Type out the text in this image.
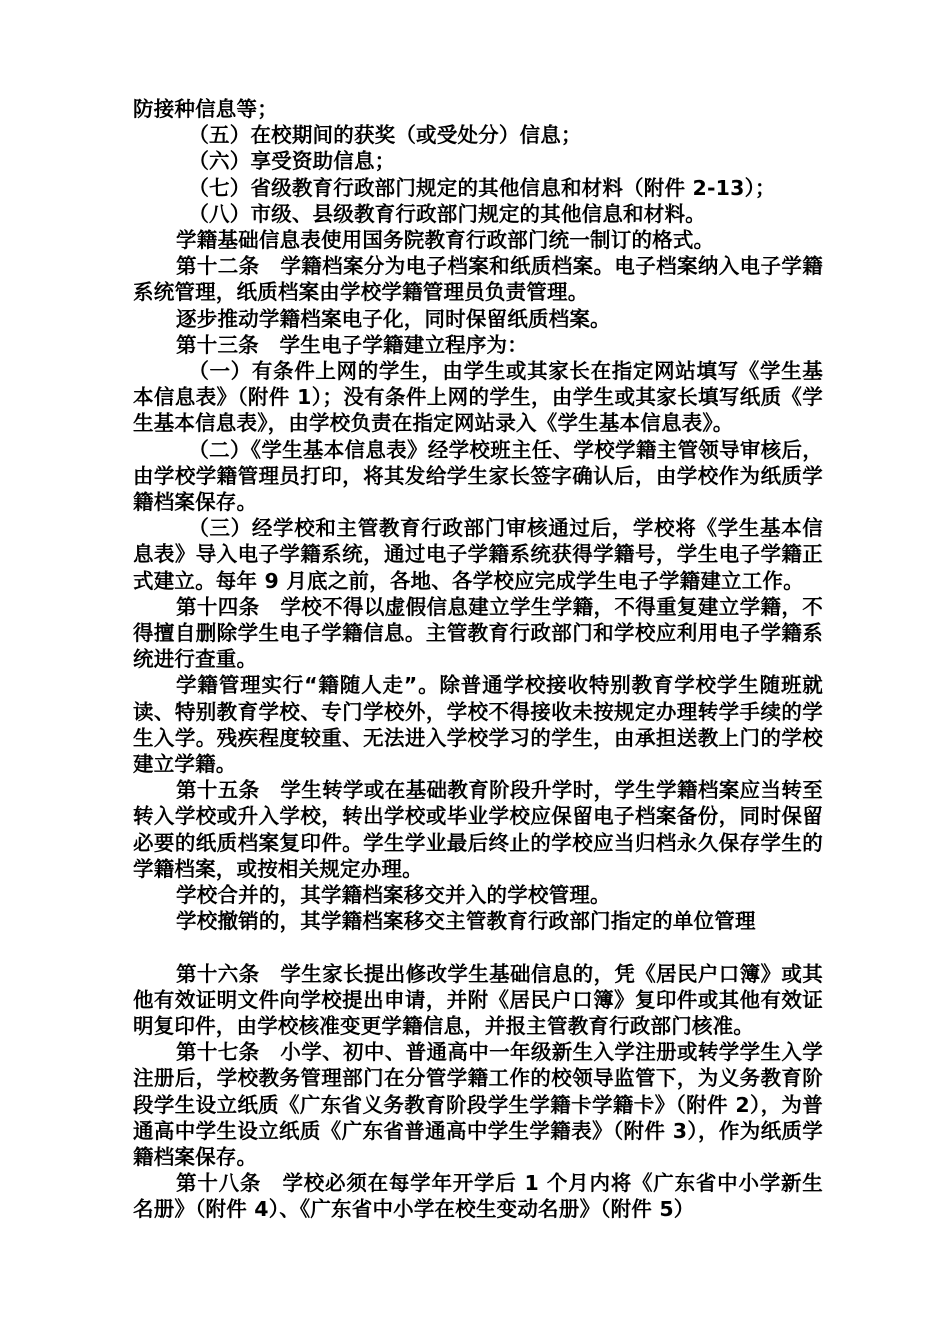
防接种信息等；

（五）在校期间的获奖（或受处分）信息；

（六）享受资助信息；

（七）省级教育行政部门规定的其他信息和材料（附件 2-13）；

（八）市级、县级教育行政部门规定的其他信息和材料。

学籍基础信息表使用国务院教育行政部门统一制订的格式。

第十二条　学籍档案分为电子档案和纸质档案。电子档案纳入电子学籍系统管理，纸质档案由学校学籍管理员负责管理。

逐步推动学籍档案电子化，同时保留纸质档案。

第十三条　学生电子学籍建立程序为：

（一）有条件上网的学生，由学生或其家长在指定网站填写《学生基本信息表》（附件 1）；没有条件上网的学生，由学生或其家长填写纸质《学生基本信息表》，由学校负责在指定网站录入《学生基本信息表》。

（二）《学生基本信息表》经学校班主任、学校学籍主管领导审核后，由学校学籍管理员打印，将其发给学生家长签字确认后，由学校作为纸质学籍档案保存。

（三）经学校和主管教育行政部门审核通过后，学校将《学生基本信息表》导入电子学籍系统，通过电子学籍系统获得学籍号，学生电子学籍正式建立。每年 9 月底之前，各地、各学校应完成学生电子学籍建立工作。

第十四条　学校不得以虚假信息建立学生学籍，不得重复建立学籍，不得擅自删除学生电子学籍信息。主管教育行政部门和学校应利用电子学籍系统进行查重。

学籍管理实行“籍随人走”。除普通学校接收特别教育学校学生随班就读、特别教育学校、专门学校外，学校不得接收未按规定办理转学手续的学生入学。残疾程度较重、无法进入学校学习的学生，由承担送教上门的学校建立学籍。

第十五条　学生转学或在基础教育阶段升学时，学生学籍档案应当转至转入学校或升入学校，转出学校或毕业学校应保留电子档案备份，同时保留必要的纸质档案复印件。学生学业最后终止的学校应当归档永久保存学生的学籍档案，或按相关规定办理。

学校合并的，其学籍档案移交并入的学校管理。

学校撤销的，其学籍档案移交主管教育行政部门指定的单位管理

第十六条　学生家长提出修改学生基础信息的，凭《居民户口簿》或其他有效证明文件向学校提出申请，并附《居民户口簿》复印件或其他有效证明复印件，由学校核准变更学籍信息，并报主管教育行政部门核准。

第十七条　小学、初中、普通高中一年级新生入学注册或转学学生入学注册后，学校教务管理部门在分管学籍工作的校领导监管下，为义务教育阶段学生设立纸质《广东省义务教育阶段学生学籍卡学籍卡》（附件 2），为普通高中学生设立纸质《广东省普通高中学生学籍表》（附件 3），作为纸质学籍档案保存。

第十八条　学校必须在每学年开学后 1 个月内将《广东省中小学新生名册》（附件 4）、《广东省中小学在校生变动名册》（附件 5）
